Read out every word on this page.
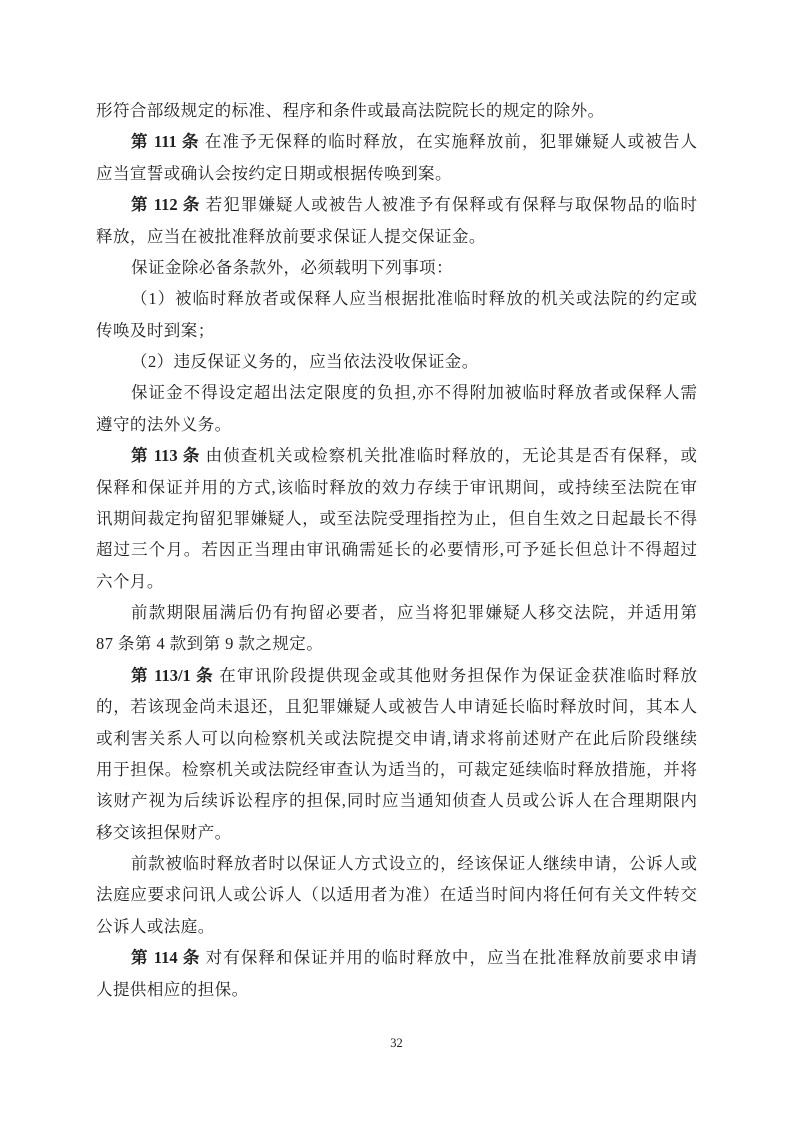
形符合部级规定的标准、程序和条件或最高法院院长的规定的除外。
第 111 条 在准予无保释的临时释放，在实施释放前，犯罪嫌疑人或被告人
应当宣誓或确认会按约定日期或根据传唤到案。
第 112 条 若犯罪嫌疑人或被告人被准予有保释或有保释与取保物品的临时
释放，应当在被批准释放前要求保证人提交保证金。
保证金除必备条款外，必须载明下列事项：
（1）被临时释放者或保释人应当根据批准临时释放的机关或法院的约定或
传唤及时到案；
（2）违反保证义务的，应当依法没收保证金。
保证金不得设定超出法定限度的负担,亦不得附加被临时释放者或保释人需
遵守的法外义务。
第 113 条 由侦查机关或检察机关批准临时释放的，无论其是否有保释，或
保释和保证并用的方式,该临时释放的效力存续于审讯期间，或持续至法院在审
讯期间裁定拘留犯罪嫌疑人，或至法院受理指控为止，但自生效之日起最长不得
超过三个月。若因正当理由审讯确需延长的必要情形,可予延长但总计不得超过
六个月。
前款期限届满后仍有拘留必要者，应当将犯罪嫌疑人移交法院，并适用第
87 条第 4 款到第 9 款之规定。
第 113/1 条 在审讯阶段提供现金或其他财务担保作为保证金获准临时释放
的，若该现金尚未退还，且犯罪嫌疑人或被告人申请延长临时释放时间，其本人
或利害关系人可以向检察机关或法院提交申请,请求将前述财产在此后阶段继续
用于担保。检察机关或法院经审查认为适当的，可裁定延续临时释放措施，并将
该财产视为后续诉讼程序的担保,同时应当通知侦查人员或公诉人在合理期限内
移交该担保财产。
前款被临时释放者时以保证人方式设立的，经该保证人继续申请，公诉人或
法庭应要求问讯人或公诉人（以适用者为准）在适当时间内将任何有关文件转交
公诉人或法庭。
第 114 条 对有保释和保证并用的临时释放中，应当在批准释放前要求申请
人提供相应的担保。
32
